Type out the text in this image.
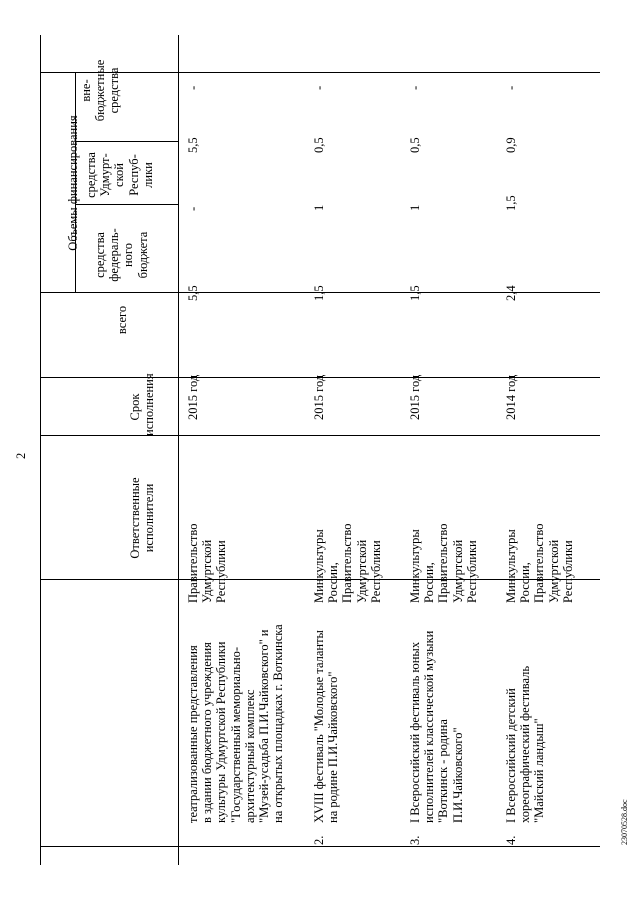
2
Ответственные исполнители
Срок исполнения
Объемы финансирования
всего
средства федераль- ного бюджета
средства Удмурт- ской Респуб- лики
вне- бюджетные средства
театрализованные представления в здании бюджетного учреждения культуры Удмуртской Республики "Государственный мемориально- архитектурный комплекс "Музей-усадьба П.И.Чайковского" и на открытых площадках г. Воткинска
Правительство Удмуртской Республики
2015 год
5,5
-
5,5
-
2.
XVIII фестиваль "Молодые таланты на родине П.И.Чайковского"
Минкультуры России, Правительство Удмуртской Республики
2015 год
1,5
1
0,5
-
3.
I Всероссийский фестиваль юных исполнителей классической музыки "Воткинск - родина П.И.Чайковского"
Минкультуры России, Правительство Удмуртской Республики
2015 год
1,5
1
0,5
-
4.
I Всероссийский детский хореографический фестиваль "Майский ландыш"
Минкультуры России, Правительство Удмуртской Республики
2014 год
2,4
1,5
0,9
-
23070528.doc
